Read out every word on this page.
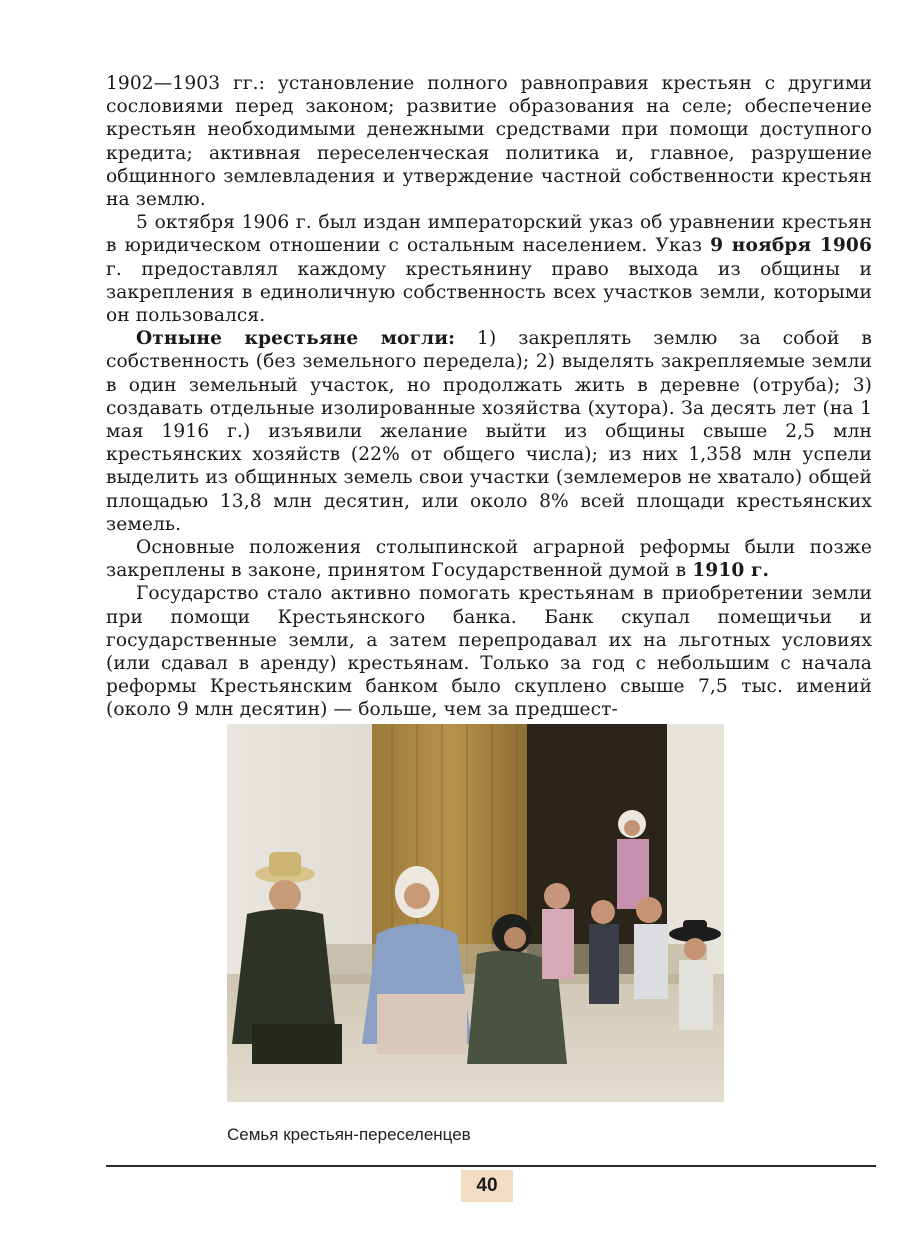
1902—1903 гг.: установление полного равноправия крестьян с другими сословиями перед законом; развитие образования на селе; обеспечение крестьян необходимыми денежными средствами при помощи доступного кредита; активная переселенческая политика и, главное, разрушение общинного землевладения и утверждение частной собственности крестьян на землю.

5 октября 1906 г. был издан императорский указ об уравнении крестьян в юридическом отношении с остальным населением. Указ 9 ноября 1906 г. предоставлял каждому крестьянину право выхода из общины и закрепления в единоличную собственность всех участков земли, которыми он пользовался.

Отныне крестьяне могли: 1) закреплять землю за собой в собственность (без земельного передела); 2) выделять закрепляемые земли в один земельный участок, но продолжать жить в деревне (отруба); 3) создавать отдельные изолированные хозяйства (хутора). За десять лет (на 1 мая 1916 г.) изъявили желание выйти из общины свыше 2,5 млн крестьянских хозяйств (22% от общего числа); из них 1,358 млн успели выделить из общинных земель свои участки (землемеров не хватало) общей площадью 13,8 млн десятин, или около 8% всей площади крестьянских земель.

Основные положения столыпинской аграрной реформы были позже закреплены в законе, принятом Государственной думой в 1910 г.

Государство стало активно помогать крестьянам в приобретении земли при помощи Крестьянского банка. Банк скупал помещичьи и государственные земли, а затем перепродавал их на льготных условиях (или сдавал в аренду) крестьянам. Только за год с небольшим с начала реформы Крестьянским банком было скуплено свыше 7,5 тыс. имений (около 9 млн десятин) — больше, чем за предшест-

Семья крестьян-переселенцев
40
